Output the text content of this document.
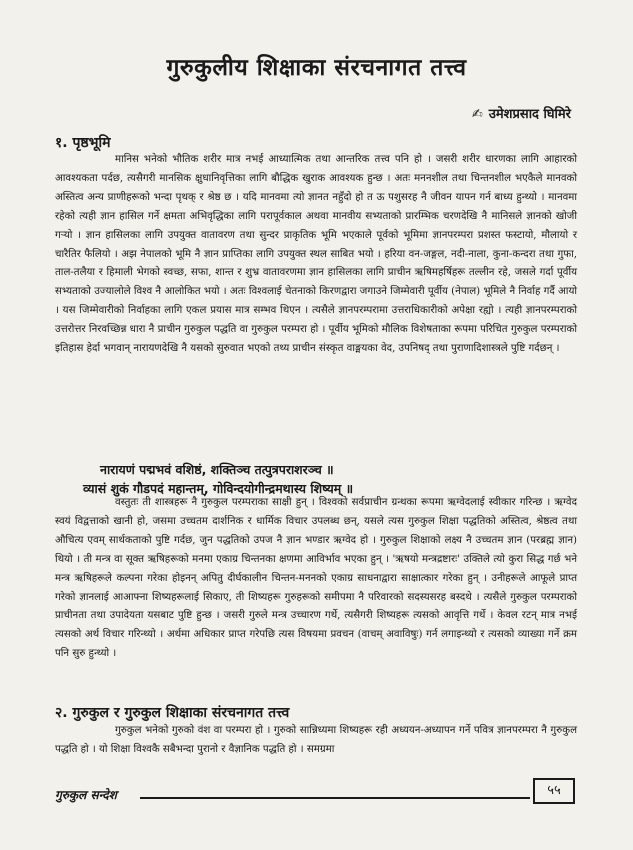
गुरुकुलीय शिक्षाका संरचनागत तत्त्व
✍ उमेशप्रसाद घिमिरे
१. पृष्ठभूमि
मानिस भनेको भौतिक शरीर मात्र नभई आध्यात्मिक तथा आन्तरिक तत्त्व पनि हो । जसरी शरीर धारणका लागि आहारको आवश्यकता पर्दछ, त्यसैगरी मानसिक क्षुधानिवृत्तिका लागि बौद्धिक खुराक आवश्यक हुन्छ । अतः मननशील तथा चिन्तनशील भएकैले मानवको अस्तित्व अन्य प्राणीहरूको भन्दा पृथक् र श्रेष्ठ छ । यदि मानवमा त्यो ज्ञानत नहुँदो हो त ऊ पशुसरह नै जीवन यापन गर्न बाध्य हुन्थ्यो । मानवमा रहेको त्यही ज्ञान हासिल गर्ने क्षमता अभिवृद्धिका लागि परापूर्वकाल अथवा मानवीय सभ्यताको प्रारम्भिक चरणदेखि नै मानिसले ज्ञानको खोजी गर्‍यो । ज्ञान हासिलका लागि उपयुक्त वातावरण तथा सुन्दर प्राकृतिक भूमि भएकाले पूर्वको भूमिमा ज्ञानपरम्परा प्रशस्त फस्टायो, मौलायो र चारैतिर फैलियो । अझ नेपालको भूमि नै ज्ञान प्राप्तिका लागि उपयुक्त स्थल साबित भयो । हरिया वन-जङ्गल, नदी-नाला, कुना-कन्दरा तथा गुफा, ताल-तलैया र हिमाली भेगको स्वच्छ, सफा, शान्त र शुभ्र वातावरणमा ज्ञान हासिलका लागि प्राचीन ऋषिमहर्षिहरू तल्लीन रहे, जसले गर्दा पूर्वीय सभ्यताको उज्यालोले विश्व नै आलोकित भयो । अतः विश्वलाई चेतनाको किरणद्वारा जगाउने जिम्मेवारी पूर्वीय (नेपाल) भूमिले नै निर्वाह गर्दै आयो । यस जिम्मेवारीको निर्वाहका लागि एकल प्रयास मात्र सम्भव थिएन । त्यसैले ज्ञानपरम्परामा उत्तराधिकारीको अपेक्षा रह्यो । त्यही ज्ञानपरम्पराको उत्तरोत्तर निरवच्छिन्न धारा नै प्राचीन गुरुकुल पद्धति वा गुरुकुल परम्परा हो । पूर्वीय भूमिको मौलिक विशेषताका रूपमा परिचित गुरुकुल परम्पराको इतिहास हेर्दा भगवान् नारायणदेखि नै यसको सुरुवात भएको तथ्य प्राचीन संस्कृत वाङ्मयका वेद, उपनिषद् तथा पुराणादिशास्त्रले पुष्टि गर्दछन् ।
नारायणं पद्मभवं वशिष्ठं, शक्तिञ्च तत्पुत्रपराशरञ्च ॥
व्यासं शुकं गौडपदं महान्तम्, गोविन्दयोगीन्द्रमथास्य शिष्यम् ॥
वस्तुतः ती शास्त्रहरू नै गुरुकुल परम्पराका साक्षी हुन् । विश्वको सर्वप्राचीन ग्रन्थका रूपमा ऋग्वेदलाई स्वीकार गरिन्छ । ऋग्वेद स्वयं विद्वत्ताको खानी हो, जसमा उच्चतम दार्शनिक र धार्मिक विचार उपलब्ध छन्, यसले त्यस गुरुकुल शिक्षा पद्धतिको अस्तित्व, श्रेष्ठत्व तथा औचित्य एवम् सार्थकताको पुष्टि गर्दछ, जुन पद्धतिको उपज नै ज्ञान भण्डार ऋग्वेद हो । गुरुकुल शिक्षाको लक्ष्य नै उच्चतम ज्ञान (परब्रह्म ज्ञान) थियो । ती मन्त्र वा सूक्त ऋषिहरूको मनमा एकाग्र चिन्तनका क्षणमा आविर्भाव भएका हुन् । 'ऋषयो मन्त्रद्रष्टारः' उक्तिले त्यो कुरा सिद्ध गर्छ भने मन्त्र ऋषिहरूले कल्पना गरेका होइनन् अपितु दीर्घकालीन चिन्तन-मननको एकाग्र साधनाद्वारा साक्षात्कार गरेका हुन् । उनीहरूले आफूले प्राप्त गरेको ज्ञानलाई आआफ्ना शिष्यहरूलाई सिकाए, ती शिष्यहरू गुरुहरूको समीपमा नै परिवारको सदस्यसरह बस्दथे । त्यसैले गुरुकुल परम्पराको प्राचीनता तथा उपादेयता यसबाट पुष्टि हुन्छ । जसरी गुरुले मन्त्र उच्चारण गर्थे, त्यसैगरी शिष्यहरू त्यसको आवृत्ति गर्थे । केवल रटन् मात्र नभई त्यसको अर्थ विचार गरिन्थ्यो । अर्थमा अधिकार प्राप्त गरेपछि त्यस विषयमा प्रवचन (वाचम् अवाविषुः) गर्न लगाइन्थ्यो र त्यसको व्याख्या गर्ने क्रम पनि सुरु हुन्थ्यो ।
२. गुरुकुल र गुरुकुल शिक्षाका संरचनागत तत्त्व
गुरुकुल भनेको गुरुको वंश वा परम्परा हो । गुरुको सान्निध्यमा शिष्यहरू रही अध्ययन-अध्यापन गर्ने पवित्र ज्ञानपरम्परा नै गुरुकुल पद्धति हो । यो शिक्षा विश्वकै सबैभन्दा पुरानो र वैज्ञानिक पद्धति हो । समग्रमा
गुरुकुल सन्देश	५५
